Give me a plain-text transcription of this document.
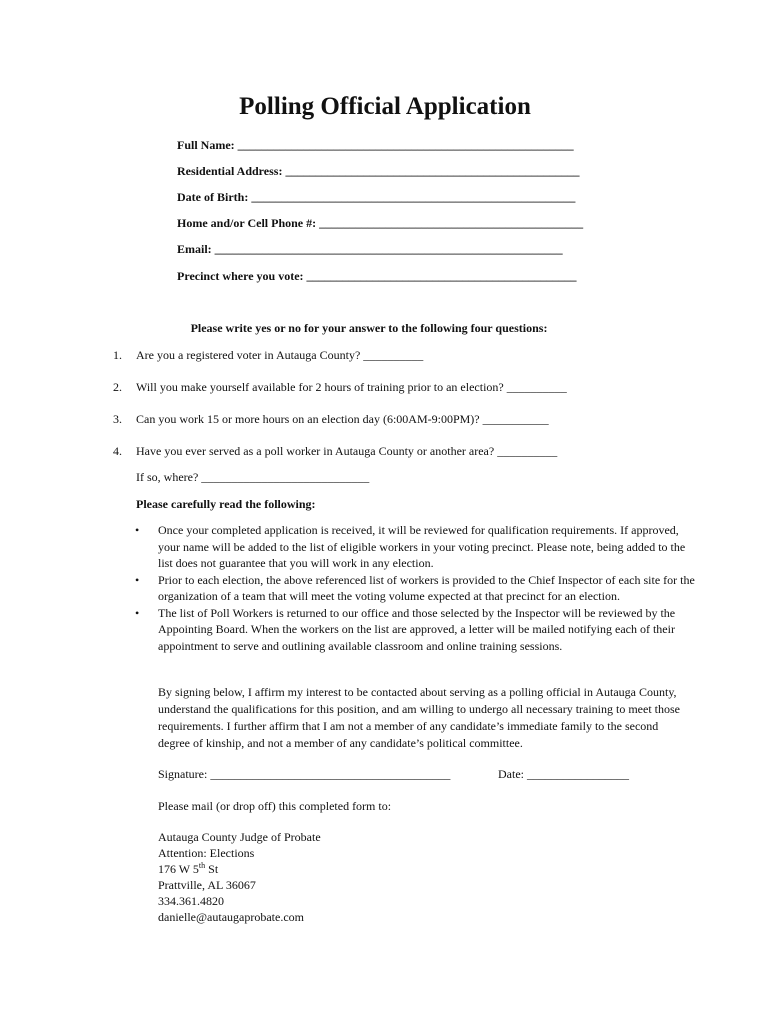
Polling Official Application
Full Name: ________________________________________________________
Residential Address: _________________________________________________
Date of Birth: ______________________________________________________
Home and/or Cell Phone #: ____________________________________________
Email: __________________________________________________________
Precinct where you vote: _____________________________________________
Please write yes or no for your answer to the following four questions:
1. Are you a registered voter in Autauga County? __________
2. Will you make yourself available for 2 hours of training prior to an election? __________
3. Can you work 15 or more hours on an election day (6:00AM-9:00PM)? ___________
4. Have you ever served as a poll worker in Autauga County or another area? __________
If so, where? ____________________________
Please carefully read the following:

•	Once your completed application is received, it will be reviewed for qualification requirements. If approved, your name will be added to the list of eligible workers in your voting precinct. Please note, being added to the list does not guarantee that you will work in any election.

•	Prior to each election, the above referenced list of workers is provided to the Chief Inspector of each site for the organization of a team that will meet the voting volume expected at that precinct for an election.

•	The list of Poll Workers is returned to our office and those selected by the Inspector will be reviewed by the Appointing Board. When the workers on the list are approved, a letter will be mailed notifying each of their appointment to serve and outlining available classroom and online training sessions.

By signing below, I affirm my interest to be contacted about serving as a polling official in Autauga County, understand the qualifications for this position, and am willing to undergo all necessary training to meet those requirements. I further affirm that I am not a member of any candidate’s immediate family to the second degree of kinship, and not a member of any candidate’s political committee.
Signature: ________________________________________	Date: _________________
Please mail (or drop off) this completed form to:
Autauga County Judge of Probate
Attention: Elections
176 W 5th St
Prattville, AL 36067
334.361.4820
danielle@autaugaprobate.com
